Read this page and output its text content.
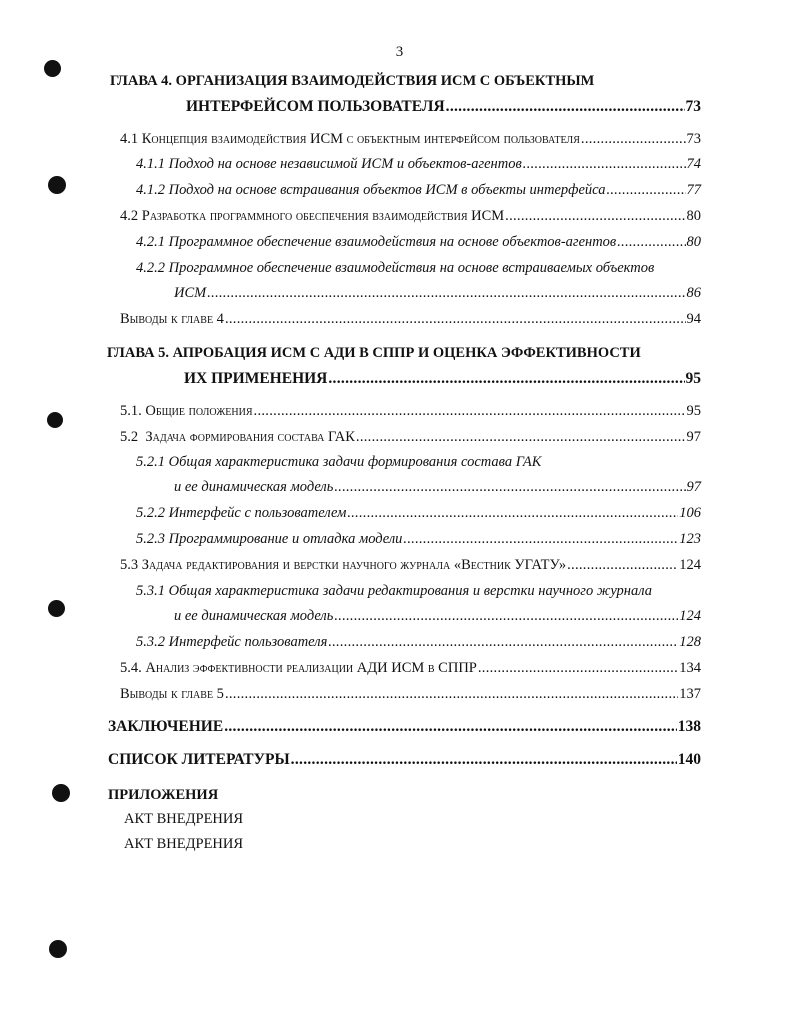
3
ГЛАВА 4. ОРГАНИЗАЦИЯ ВЗАИМОДЕЙСТВИЯ ИСМ С ОБЪЕКТНЫМ
ИНТЕРФЕЙСОМ ПОЛЬЗОВАТЕЛЯ .....	73
4.1 Концепция взаимодействия ИСМ с объектным интерфейсом пользователя .....	73
4.1.1 Подход на основе независимой ИСМ и объектов-агентов .....	74
4.1.2 Подход на основе встраивания объектов ИСМ в объекты интерфейса .....	77
4.2 Разработка программного обеспечения взаимодействия ИСМ .....	80
4.2.1 Программное обеспечение взаимодействия на основе объектов-агентов .....	80
4.2.2 Программное обеспечение взаимодействия на основе встраиваемых объектов
ИСМ .....	86
Выводы к главе 4 .....	94
ГЛАВА 5. АПРОБАЦИЯ ИСМ С АДИ В СППР И ОЦЕНКА ЭФФЕКТИВНОСТИ
ИХ ПРИМЕНЕНИЯ .....	95
5.1. Общие положения .....	95
5.2  Задача формирования состава ГАК .....	97
5.2.1 Общая характеристика задачи формирования состава ГАК
и ее динамическая модель .....	97
5.2.2 Интерфейс с пользователем .....	106
5.2.3 Программирование и отладка модели .....	123
5.3 Задача редактирования и верстки научного журнала «Вестник УГАТУ» .....	124
5.3.1 Общая характеристика задачи редактирования и верстки научного журнала
и ее динамическая модель .....	124
5.3.2 Интерфейс пользователя .....	128
5.4. Анализ эффективности реализации АДИ ИСМ в СППР .....	134
Выводы к главе 5 .....	137
ЗАКЛЮЧЕНИЕ .....	138
СПИСОК ЛИТЕРАТУРЫ .....	140
ПРИЛОЖЕНИЯ
АКТ ВНЕДРЕНИЯ
АКТ ВНЕДРЕНИЯ
